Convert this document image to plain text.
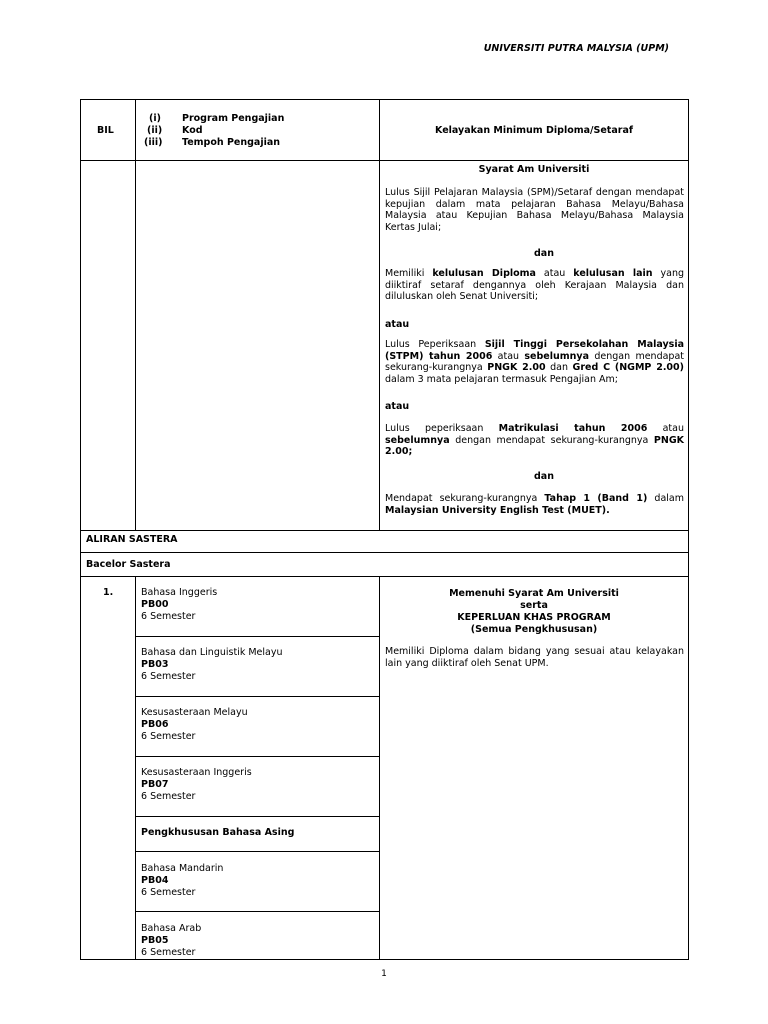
UNIVERSITI PUTRA MALYSIA (UPM)
BIL
(i) Program Pengajian
(ii) Kod
(iii) Tempoh Pengajian
Kelayakan Minimum Diploma/Setaraf
Syarat Am Universiti
Lulus Sijil Pelajaran Malaysia (SPM)/Setaraf dengan mendapat kepujian dalam mata pelajaran Bahasa Melayu/Bahasa Malaysia atau Kepujian Bahasa Melayu/Bahasa Malaysia Kertas Julai;
dan
Memiliki kelulusan Diploma atau kelulusan lain yang diiktiraf setaraf dengannya oleh Kerajaan Malaysia dan diluluskan oleh Senat Universiti;
atau
Lulus Peperiksaan Sijil Tinggi Persekolahan Malaysia (STPM) tahun 2006 atau sebelumnya dengan mendapat sekurang-kurangnya PNGK 2.00 dan Gred C (NGMP 2.00) dalam 3 mata pelajaran termasuk Pengajian Am;
atau
Lulus peperiksaan Matrikulasi tahun 2006 atau sebelumnya dengan mendapat sekurang-kurangnya PNGK 2.00;
dan
Mendapat sekurang-kurangnya Tahap 1 (Band 1) dalam Malaysian University English Test (MUET).
ALIRAN SASTERA
Bacelor Sastera
1.	Bahasa Inggeris
PB00
6 Semester
Bahasa dan Linguistik Melayu
PB03
6 Semester
Kesusasteraan Melayu
PB06
6 Semester
Kesusasteraan Inggeris
PB07
6 Semester
Pengkhususan Bahasa Asing
Bahasa Mandarin
PB04
6 Semester
Bahasa Arab
PB05
6 Semester
Memenuhi Syarat Am Universiti
serta
KEPERLUAN KHAS PROGRAM
(Semua Pengkhususan)
Memiliki Diploma dalam bidang yang sesuai atau kelayakan lain yang diiktiraf oleh Senat UPM.
1
